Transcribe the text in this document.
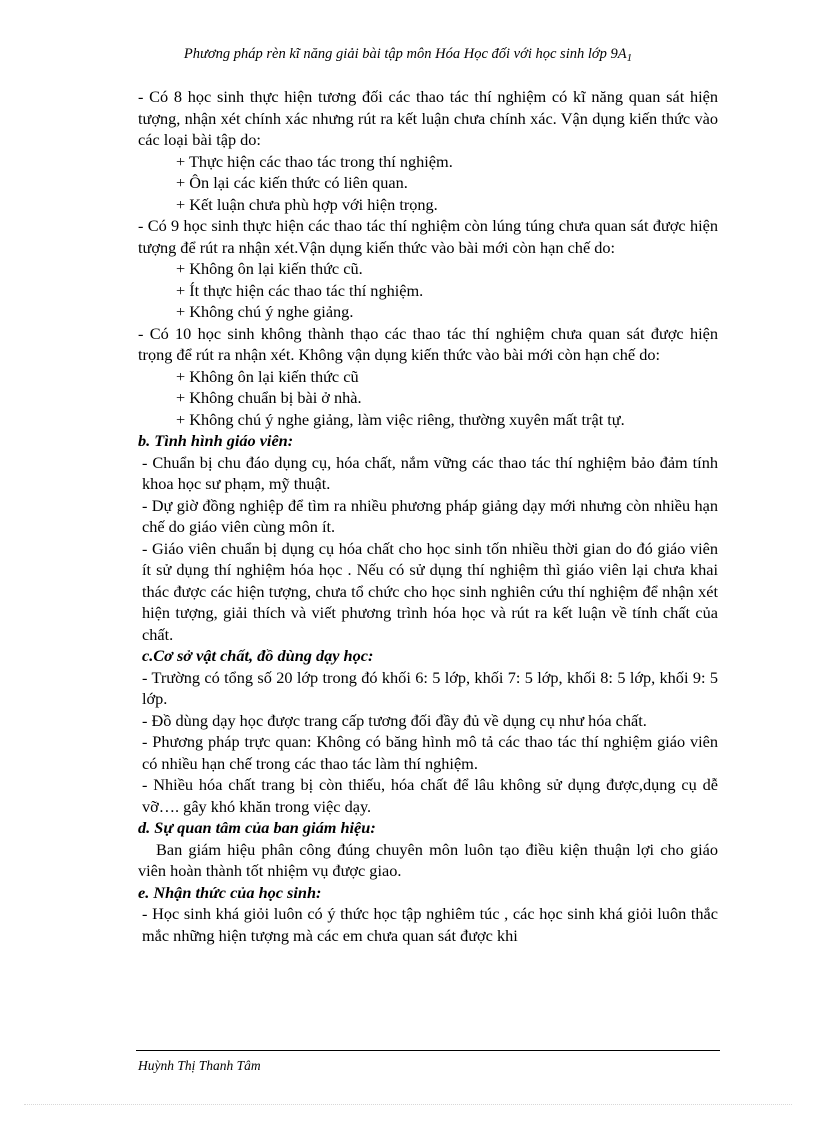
Phương pháp rèn kĩ năng giải bài tập môn Hóa Học đối với học sinh lớp $9A_1$

- Có 8 học sinh thực hiện tương đối các thao tác thí nghiệm có kĩ năng quan sát hiện tượng, nhận xét chính xác nhưng rút ra kết luận chưa chính xác. Vận dụng kiến thức vào các loại bài tập do:

+ Thực hiện các thao tác trong thí nghiệm.

+ Ôn lại các kiến thức có liên quan.

+ Kết luận chưa phù hợp với hiện trọng.

- Có 9 học sinh thực hiện các thao tác thí nghiệm còn lúng túng chưa quan sát được hiện tượng để rút ra nhận xét.Vận dụng kiến thức vào bài mới còn hạn chế do:

+ Không ôn lại kiến thức cũ.

+ Ít thực hiện các thao tác thí nghiệm.

+ Không chú ý nghe giảng.

- Có 10 học sinh không thành thạo các thao tác thí nghiệm chưa quan sát được hiện trọng để rút ra nhận xét. Không vận dụng kiến thức vào bài mới còn hạn chế do:

+ Không ôn lại kiến thức cũ

+ Không chuẩn bị bài ở nhà.

+ Không chú ý nghe giảng, làm việc riêng, thường xuyên mất trật tự.

b. Tình hình giáo viên:

- Chuẩn bị chu đáo dụng cụ, hóa chất, nắm vững các thao tác thí nghiệm bảo đảm tính khoa học sư phạm, mỹ thuật.

- Dự giờ đồng nghiệp để tìm ra nhiều phương pháp giảng dạy mới nhưng còn nhiều hạn chế do giáo viên cùng môn ít.

- Giáo viên chuẩn bị dụng cụ hóa chất cho học sinh tốn nhiều thời gian do đó giáo viên ít sử dụng thí nghiệm hóa học . Nếu có sử dụng thí nghiệm thì giáo viên lại chưa khai thác được các hiện tượng, chưa tổ chức cho học sinh nghiên cứu thí nghiệm để nhận xét hiện tượng, giải thích và viết phương trình hóa học và rút ra kết luận về tính chất của chất.

c.Cơ sở vật chất, đồ dùng dạy học:

- Trường có tổng số 20 lớp trong đó khối 6: 5 lớp, khối 7: 5 lớp, khối 8: 5 lớp, khối 9: 5 lớp.

- Đồ dùng dạy học được trang cấp tương đối đầy đủ về dụng cụ như hóa chất.

- Phương pháp trực quan: Không có băng hình mô tả các thao tác thí nghiệm giáo viên có nhiều hạn chế trong các thao tác làm thí nghiệm.

- Nhiều hóa chất trang bị còn thiếu, hóa chất để lâu không sử dụng được,dụng cụ dễ vỡ…. gây khó khăn trong việc dạy.

d. Sự quan tâm của ban giám hiệu:

Ban giám hiệu phân công đúng chuyên môn luôn tạo điều kiện thuận lợi cho giáo viên hoàn thành tốt nhiệm vụ được giao.

e. Nhận thức của học sinh:

- Học sinh khá giỏi luôn có ý thức học tập nghiêm túc , các học sinh khá giỏi luôn thắc mắc những hiện tượng mà các em chưa quan sát được khi

Huỳnh Thị Thanh Tâm
